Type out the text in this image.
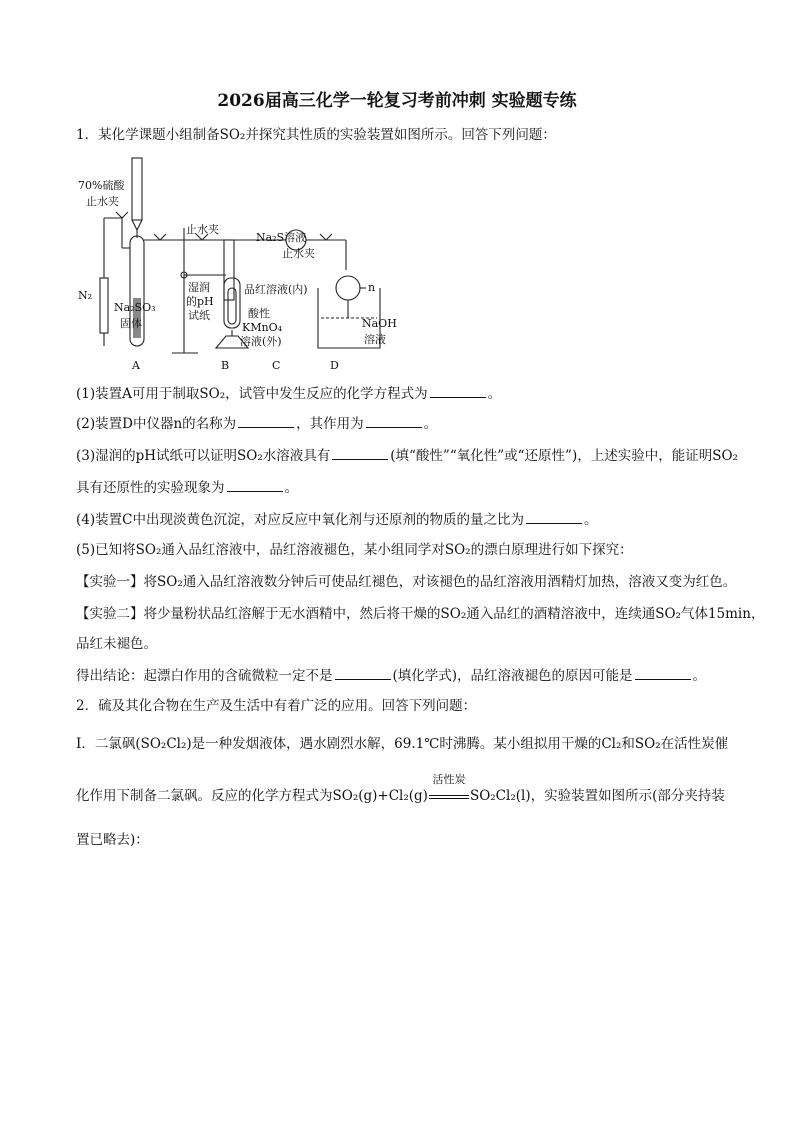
2026届高三化学一轮复习考前冲刺 实验题专练
1．某化学课题小组制备SO₂并探究其性质的实验装置如图所示。回答下列问题：
70%硫酸
止水夹
止水夹
Na₂S溶液
止水夹
N₂
Na₂SO₃
固体
湿润
的pH
试纸
品红溶液(内)
酸性
KMnO₄
溶液(外)
n
NaOH
溶液
A	B	C	D
(1)装置A可用于制取SO₂，试管中发生反应的化学方程式为	。
(2)装置D中仪器n的名称为	，其作用为	。
(3)湿润的pH试纸可以证明SO₂水溶液具有	(填“酸性”“氧化性”或“还原性”)，上述实验中，能证明SO₂
具有还原性的实验现象为	。
(4)装置C中出现淡黄色沉淀，对应反应中氧化剂与还原剂的物质的量之比为	。
(5)已知将SO₂通入品红溶液中，品红溶液褪色，某小组同学对SO₂的漂白原理进行如下探究：
【实验一】将SO₂通入品红溶液数分钟后可使品红褪色，对该褪色的品红溶液用酒精灯加热，溶液又变为红色。
【实验二】将少量粉状品红溶解于无水酒精中，然后将干燥的SO₂通入品红的酒精溶液中，连续通SO₂气体15min，
品红未褪色。
得出结论：起漂白作用的含硫微粒一定不是	(填化学式)，品红溶液褪色的原因可能是	。
2．硫及其化合物在生产及生活中有着广泛的应用。回答下列问题：
Ⅰ．二氯砜(SO₂Cl₂)是一种发烟液体，遇水剧烈水解，69.1℃时沸腾。某小组拟用干燥的Cl₂和SO₂在活性炭催
化作用下制备二氯砜。反应的化学方程式为SO₂(g)+Cl₂(g)
活性炭
SO₂Cl₂(l)，实验装置如图所示(部分夹持装
置已略去)：
